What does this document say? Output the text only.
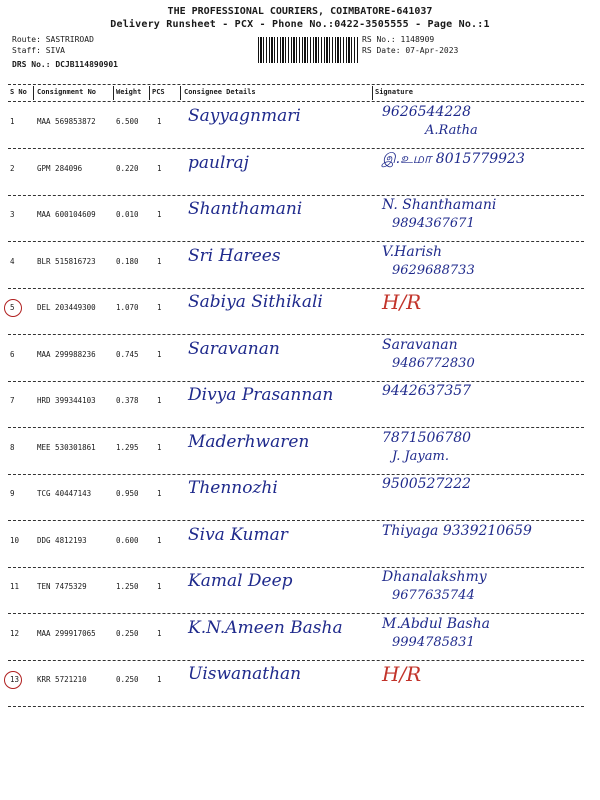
THE PROFESSIONAL COURIERS, COIMBATORE-641037
Delivery Runsheet - PCX - Phone No.:0422-3505555 - Page No.:1
Route: SASTRIROAD
Staff: SIVA
DRS No.: DCJB114890901
RS No.: 1148909
RS Date: 07-Apr-2023
S No Consignment No	Weight PCS	Consignee Details	Signature
1	MAA 569853872	6.500 1 Sayyagnmari	9626544228
A.Ratha
2	GPM 284096	0.220 1 paulraj	இ.உமா 8015779923
3	MAA 600104609	0.010 1 Shanthamani	N. Shanthamani
9894367671
4	BLR 515816723	0.180 1 Sri Harees	V.Harish
9629688733
5	DEL 203449300	1.070 1 Sabiya Sithikali	H/R
6	MAA 299988236	0.745 1 Saravanan	Saravanan
9486772830
7	HRD 399344103	0.378 1 Divya Prasannan	9442637357
8	MEE 530301861	1.295 1 Maderhwaren	7871506780
J. Jayam.
9	TCG 40447143	0.950 1 Thennozhi	9500527222
10 DDG 4812193	0.600 1 Siva Kumar	Thiyaga 9339210659
11 TEN 7475329	1.250 1 Kamal Deep	Dhanalakshmy
9677635744
12 MAA 299917065	0.250 1 K.N.Ameen Basha	M.Abdul Basha
9994785831
13 KRR 5721210	0.250 1 Uiswanathan	H/R
